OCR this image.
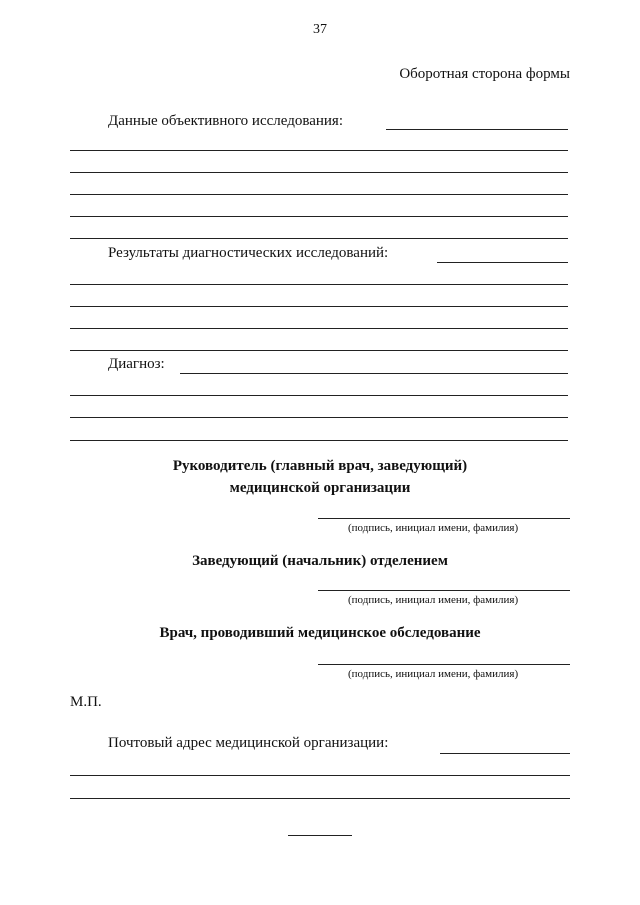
37
Оборотная сторона формы
Данные объективного исследования:
Результаты диагностических исследований:
Диагноз:
Руководитель (главный врач, заведующий)
медицинской организации
(подпись, инициал имени, фамилия)
Заведующий (начальник) отделением
(подпись, инициал имени, фамилия)
Врач, проводивший медицинское обследование
(подпись, инициал имени, фамилия)
М.П.
Почтовый адрес медицинской организации:
